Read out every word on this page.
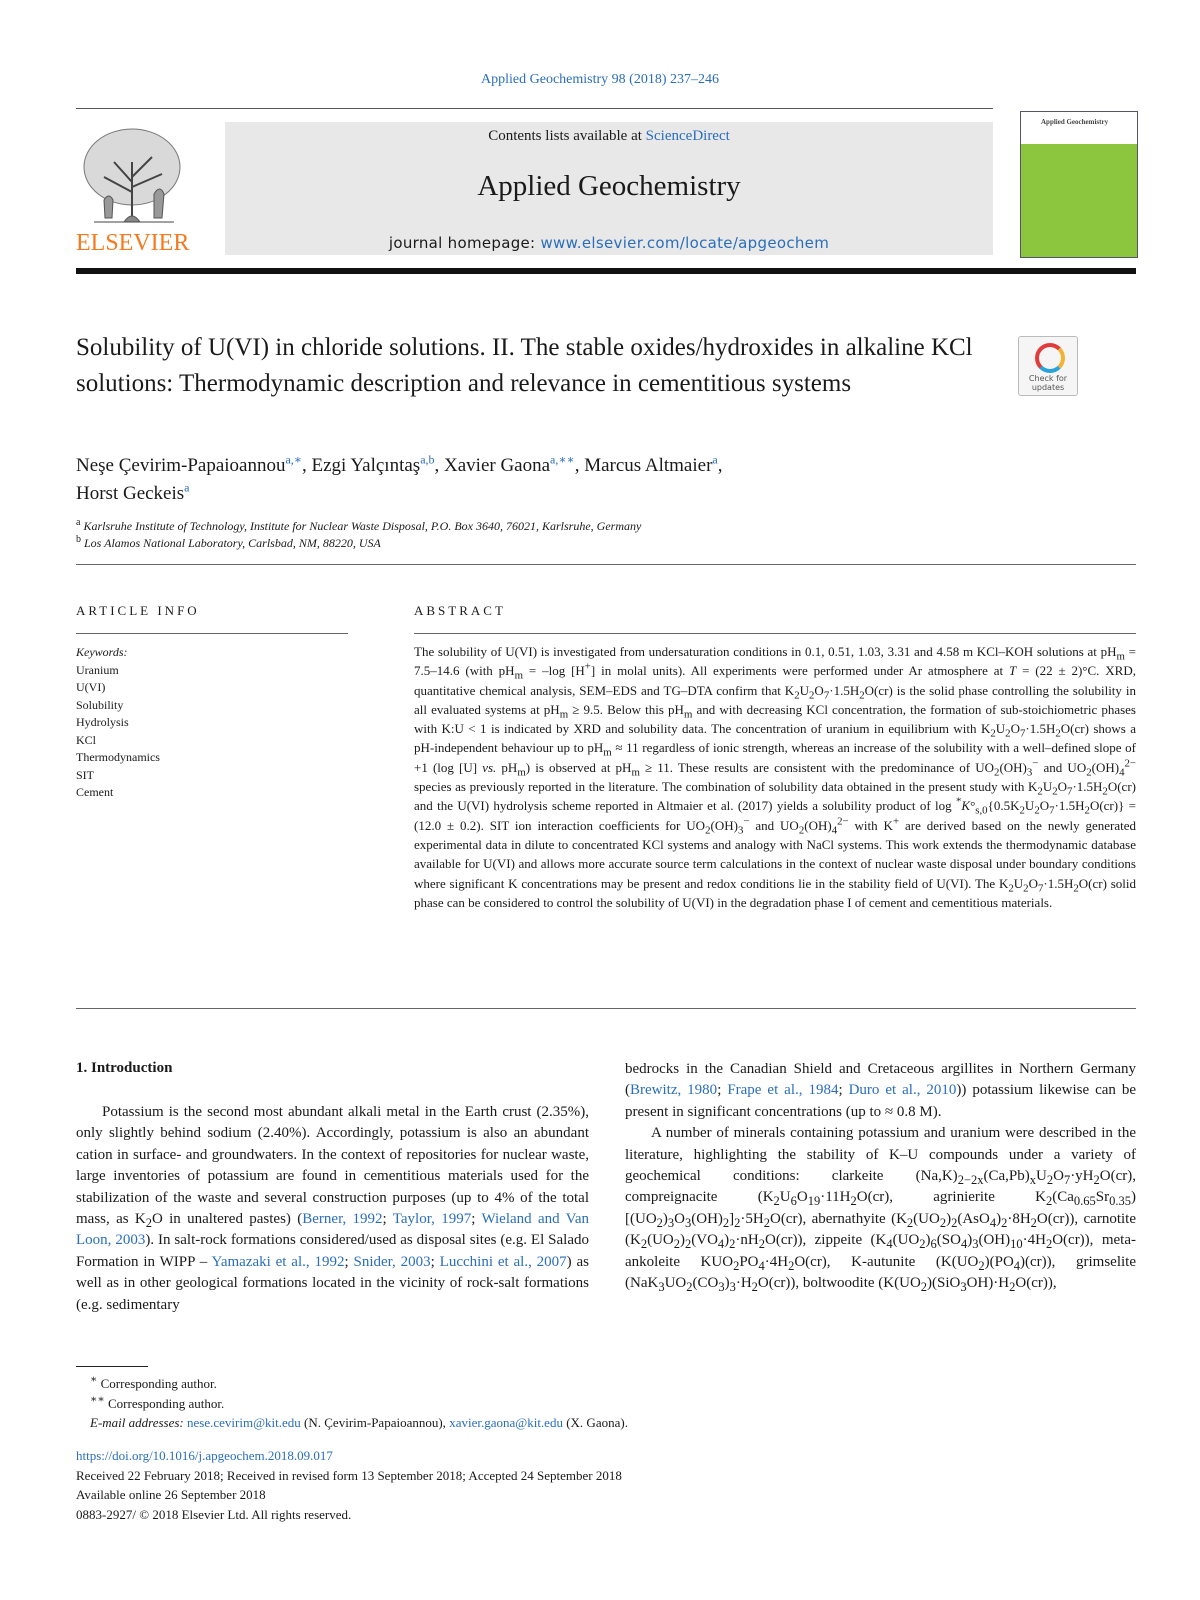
Applied Geochemistry 98 (2018) 237–246
ELSEVIER
Contents lists available at ScienceDirect
Applied Geochemistry
journal homepage: www.elsevier.com/locate/apgeochem
Applied Geochemistry
Solubility of U(VI) in chloride solutions. II. The stable oxides/hydroxides in alkaline KCl solutions: Thermodynamic description and relevance in cementitious systems	Check for updates
Neşe Çevirim-Papaioannou$^{a,∗}$, Ezgi Yalçıntaş$^{a,b}$, Xavier Gaona$^{a,∗∗}$, Marcus Altmaier$^a$,
Horst Geckeis$^a$
$^a$ Karlsruhe Institute of Technology, Institute for Nuclear Waste Disposal, P.O. Box 3640, 76021, Karlsruhe, Germany
$^b$ Los Alamos National Laboratory, Carlsbad, NM, 88220, USA
ARTICLE INFO	ABSTRACT
Keywords:
Uranium
U(VI)
Solubility
Hydrolysis
KCl
Thermodynamics
SIT
Cement
The solubility of U(VI) is investigated from undersaturation conditions in 0.1, 0.51, 1.03, 3.31 and 4.58 m KCl–KOH solutions at $pH_m = 7.5-14.6$ (with $pH_m = -\log$ [H+] in molal units). All experiments were performed under Ar atmosphere at T = (22 ± 2)°C. XRD, quantitative chemical analysis, SEM–EDS and TG–DTA confirm that $K_2U_2O_7\cdot 1.5H_2O(cr)$ is the solid phase controlling the solubility in all evaluated systems at $pH_m \ge 9.5$. Below this $pH_m$ and with decreasing KCl concentration, the formation of sub-stoichiometric phases with K:U < 1 is indicated by XRD and solubility data. The concentration of uranium in equilibrium with $K_2U_2O_7\cdot 1.5H_2O(cr)$ shows a pH-independent behaviour up to $pH_m \approx 11$ regardless of ionic strength, whereas an increase of the solubility with a well–defined slope of +1 (log [U] vs. $pH_m$) is observed at $pH_m \ge 11$. These results are consistent with the predominance of $UO_2(OH)_3^-$ and $UO_2(OH)_4^{2-}$ species as previously reported in the literature. The combination of solubility data obtained in the present study with $K_2U_2O_7\cdot 1.5H_2O(cr)$ and the U(VI) hydrolysis scheme reported in Altmaier et al. (2017) yields a solubility product of $\log ^*K^\circ_{s,0}\{0.5K_2U_2O_7\cdot 1.5H_2O(cr)\} = (12.0 \pm 0.2)$. SIT ion interaction coefficients for $UO_2(OH)_3^-$ and $UO_2(OH)_4^{2-}$ with K+ are derived based on the newly generated experimental data in dilute to concentrated KCl systems and analogy with NaCl systems. This work extends the thermodynamic database available for U(VI) and allows more accurate source term calculations in the context of nuclear waste disposal under boundary conditions where significant K concentrations may be present and redox conditions lie in the stability field of U(VI). The $K_2U_2O_7\cdot 1.5H_2O(cr)$ solid phase can be considered to control the solubility of U(VI) in the degradation phase I of cement and cementitious materials.
1. Introduction

Potassium is the second most abundant alkali metal in the Earth crust (2.35%), only slightly behind sodium (2.40%). Accordingly, potassium is also an abundant cation in surface- and groundwaters. In the context of repositories for nuclear waste, large inventories of potassium are found in cementitious materials used for the stabilization of the waste and several construction purposes (up to 4% of the total mass, as $K_2O$ in unaltered pastes) (Berner, 1992; Taylor, 1997; Wieland and Van Loon, 2003). In salt-rock formations considered/used as disposal sites (e.g. El Salado Formation in WIPP – Yamazaki et al., 1992; Snider, 2003; Lucchini et al., 2007) as well as in other geological formations located in the vicinity of rock-salt formations (e.g. sedimentary

bedrocks in the Canadian Shield and Cretaceous argillites in Northern Germany (Brewitz, 1980; Frape et al., 1984; Duro et al., 2010)) potassium likewise can be present in significant concentrations (up to ≈ 0.8 M).

A number of minerals containing potassium and uranium were described in the literature, highlighting the stability of K–U compounds under a variety of geochemical conditions: clarkeite $(Na,K)_{2-2x}(Ca,Pb)_xU_2O_7\cdot yH_2O(cr)$, compreignacite ($K_2U_6O_{19}\cdot 11H_2O(cr)$, agrinierite $K_2(Ca_{0.65}Sr_{0.35})[(UO_2)_3O_3(OH)_2]_2\cdot 5H_2O(cr)$, abernathyite $(K_2(UO_2)_2(AsO_4)_2\cdot 8H_2O(cr))$, carnotite $(K_2(UO_2)_2(VO_4)_2\cdot nH_2O(cr))$, zippeite $(K_4(UO_2)_6(SO_4)_3(OH)_{10}\cdot 4H_2O(cr))$, meta-ankoleite $KUO_2PO_4\cdot 4H_2O(cr)$, K-autunite $(K(UO_2)(PO_4)(cr))$, grimselite $(NaK_3UO_2(CO_3)_3\cdot H_2O(cr))$, boltwoodite $(K(UO_2)(SiO_3OH)\cdot H_2O(cr))$,

∗ Corresponding author.
∗∗ Corresponding author.
E-mail addresses: nese.cevirim@kit.edu (N. Çevirim-Papaioannou), xavier.gaona@kit.edu (X. Gaona).
https://doi.org/10.1016/j.apgeochem.2018.09.017
Received 22 February 2018; Received in revised form 13 September 2018; Accepted 24 September 2018
Available online 26 September 2018
0883-2927/ © 2018 Elsevier Ltd. All rights reserved.
